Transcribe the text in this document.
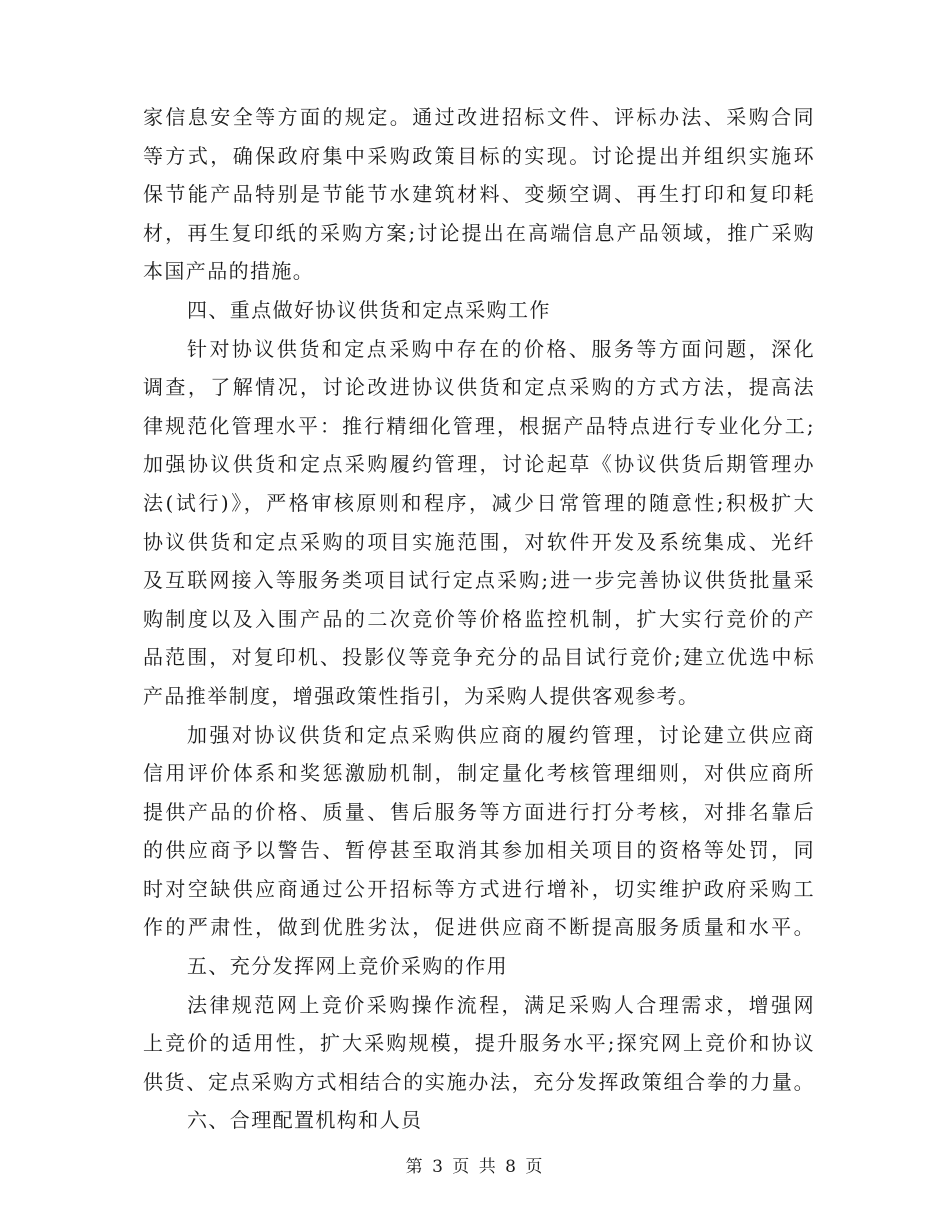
家信息安全等方面的规定。通过改进招标文件、评标办法、采购合同
等方式，确保政府集中采购政策目标的实现。讨论提出并组织实施环
保节能产品特别是节能节水建筑材料、变频空调、再生打印和复印耗
材，再生复印纸的采购方案;讨论提出在高端信息产品领域，推广采购
本国产品的措施。
四、重点做好协议供货和定点采购工作
针对协议供货和定点采购中存在的价格、服务等方面问题，深化
调查，了解情况，讨论改进协议供货和定点采购的方式方法，提高法
律规范化管理水平：推行精细化管理，根据产品特点进行专业化分工;
加强协议供货和定点采购履约管理，讨论起草《协议供货后期管理办
法(试行)》，严格审核原则和程序，减少日常管理的随意性;积极扩大
协议供货和定点采购的项目实施范围，对软件开发及系统集成、光纤
及互联网接入等服务类项目试行定点采购;进一步完善协议供货批量采
购制度以及入围产品的二次竞价等价格监控机制，扩大实行竞价的产
品范围，对复印机、投影仪等竞争充分的品目试行竞价;建立优选中标
产品推举制度，增强政策性指引，为采购人提供客观参考。
加强对协议供货和定点采购供应商的履约管理，讨论建立供应商
信用评价体系和奖惩激励机制，制定量化考核管理细则，对供应商所
提供产品的价格、质量、售后服务等方面进行打分考核，对排名靠后
的供应商予以警告、暂停甚至取消其参加相关项目的资格等处罚，同
时对空缺供应商通过公开招标等方式进行增补，切实维护政府采购工
作的严肃性，做到优胜劣汰，促进供应商不断提高服务质量和水平。
五、充分发挥网上竞价采购的作用
法律规范网上竞价采购操作流程，满足采购人合理需求，增强网
上竞价的适用性，扩大采购规模，提升服务水平;探究网上竞价和协议
供货、定点采购方式相结合的实施办法，充分发挥政策组合拳的力量。
六、合理配置机构和人员
第 3 页 共 8 页
